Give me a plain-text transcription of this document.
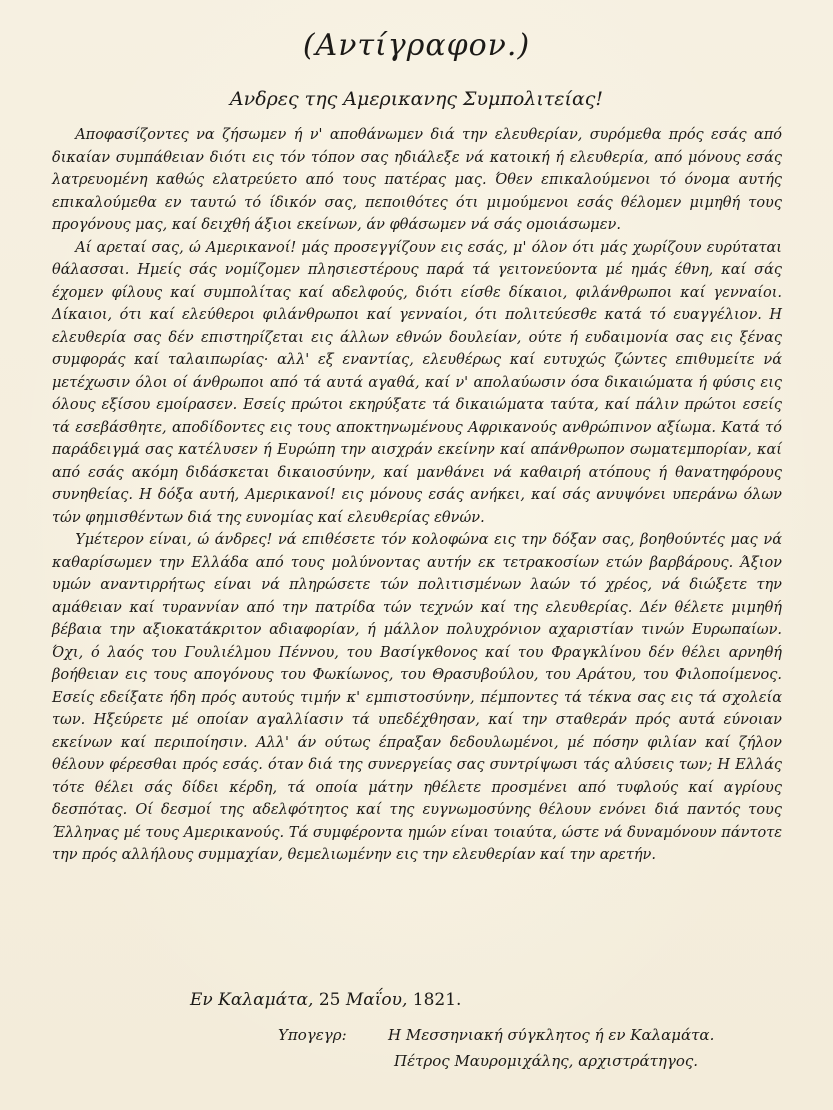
(Αντίγραφον.)
Ανδρες της Αμερικανης Συμπολιτείας!

Αποφασίζοντες να ζήσωμεν ή ν' αποθάνωμεν διά την ελευθερίαν, συρόμεθα πρός εσάς από δικαίαν συμπάθειαν διότι εις τόν τόπον σας ηδιάλεξε νά κατοική ή ελευθερία, από μόνους εσάς λατρευομένη καθώς ελατρεύετο από τους πατέρας μας. Όθεν επικαλούμενοι τό όνομα αυτής επικαλούμεθα εν ταυτώ τό ίδικόν σας, πεποιθότες ότι μιμούμενοι εσάς θέλομεν μιμηθή τους προγόνους μας, καί δειχθή άξιοι εκείνων, άν φθάσωμεν νά σάς ομοιάσωμεν.

Αί αρεταί σας, ώ Αμερικανοί! μάς προσεγγίζουν εις εσάς, μ' όλον ότι μάς χωρίζουν ευρύταται θάλασσαι. Ημείς σάς νομίζομεν πλησιεστέρους παρά τά γειτονεύοντα μέ ημάς έθνη, καί σάς έχομεν φίλους καί συμπολίτας καί αδελφούς, διότι είσθε δίκαιοι, φιλάνθρωποι καί γενναίοι. Δίκαιοι, ότι καί ελεύθεροι φιλάνθρωποι καί γενναίοι, ότι πολιτεύεσθε κατά τό ευαγγέλιον. Η ελευθερία σας δέν επιστηρίζεται εις άλλων εθνών δουλείαν, ούτε ή ευδαιμονία σας εις ξένας συμφοράς καί ταλαιπωρίας· αλλ' εξ εναντίας, ελευθέρως καί ευτυχώς ζώντες επιθυμείτε νά μετέχωσιν όλοι οί άνθρωποι από τά αυτά αγαθά, καί ν' απολαύωσιν όσα δικαιώματα ή φύσις εις όλους εξίσου εμοίρασεν. Εσείς πρώτοι εκηρύξατε τά δικαιώματα ταύτα, καί πάλιν πρώτοι εσείς τά εσεβάσθητε, αποδίδοντες εις τους αποκτηνωμένους Αφρικανούς ανθρώπινον αξίωμα. Κατά τό παράδειγμά σας κατέλυσεν ή Ευρώπη την αισχράν εκείνην καί απάνθρωπον σωματεμπορίαν, καί από εσάς ακόμη διδάσκεται δικαιοσύνην, καί μανθάνει νά καθαιρή ατόπους ή θανατηφόρους συνηθείας. Η δόξα αυτή, Αμερικανοί! εις μόνους εσάς ανήκει, καί σάς ανυψόνει υπεράνω όλων τών φημισθέντων διά της ευνομίας καί ελευθερίας εθνών.

Υμέτερον είναι, ώ άνδρες! νά επιθέσετε τόν κολοφώνα εις την δόξαν σας, βοηθούντές μας νά καθαρίσωμεν την Ελλάδα από τους μολύνοντας αυτήν εκ τετρακοσίων ετών βαρβάρους. Άξιον υμών αναντιρρήτως είναι νά πληρώσετε τών πολιτισμένων λαών τό χρέος, νά διώξετε την αμάθειαν καί τυραννίαν από την πατρίδα τών τεχνών καί της ελευθερίας. Δέν θέλετε μιμηθή βέβαια την αξιοκατάκριτον αδιαφορίαν, ή μάλλον πολυχρόνιον αχαριστίαν τινών Ευρωπαίων. Όχι, ό λαός του Γουλιέλμου Πέννου, του Βασίγκθονος καί του Φραγκλίνου δέν θέλει αρνηθή βοήθειαν εις τους απογόνους του Φωκίωνος, του Θρασυβούλου, του Αράτου, του Φιλοποίμενος. Εσείς εδείξατε ήδη πρός αυτούς τιμήν κ' εμπιστοσύνην, πέμποντες τά τέκνα σας εις τά σχολεία των. Ηξεύρετε μέ οποίαν αγαλλίασιν τά υπεδέχθησαν, καί την σταθεράν πρός αυτά εύνοιαν εκείνων καί περιποίησιν. Αλλ' άν ούτως έπραξαν δεδουλωμένοι, μέ πόσην φιλίαν καί ζήλον θέλουν φέρεσθαι πρός εσάς. όταν διά της συνεργείας σας συντρίψωσι τάς αλύσεις των; Η Ελλάς τότε θέλει σάς δίδει κέρδη, τά οποία μάτην ηθέλετε προσμένει από τυφλούς καί αγρίους δεσπότας. Οί δεσμοί της αδελφότητος καί της ευγνωμοσύνης θέλουν ενόνει διά παντός τους Έλληνας μέ τους Αμερικανούς. Τά συμφέροντα ημών είναι τοιαύτα, ώστε νά δυναμόνουν πάντοτε την πρός αλλήλους συμμαχίαν, θεμελιωμένην εις την ελευθερίαν καί την αρετήν.

Εν Καλαμάτα, 25 Μαΐου, 1821.
Υπογεγρ:	Η Μεσσηνιακή σύγκλητος ή εν Καλαμάτα.
Πέτρος Μαυρομιχάλης, αρχιστράτηγος.
